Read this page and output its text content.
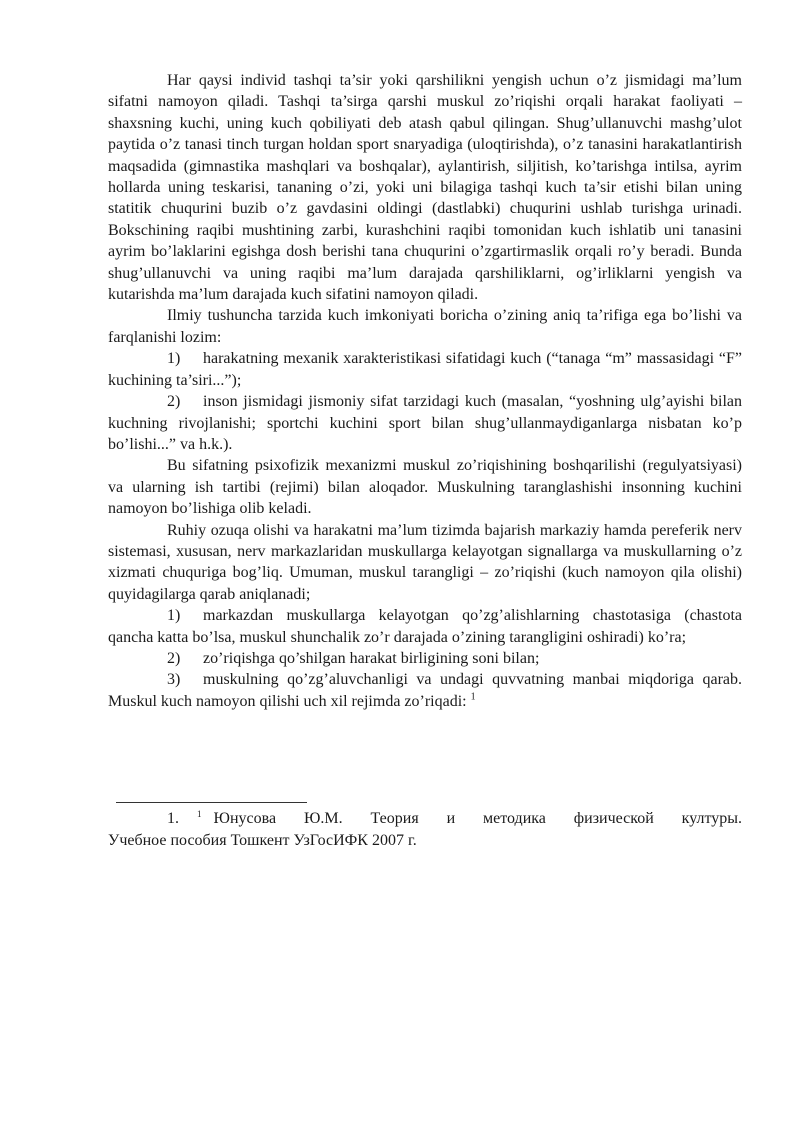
Har qaysi individ tashqi ta’sir yoki qarshilikni yengish uchun o’z jismidagi ma’lum sifatni namoyon qiladi. Tashqi ta’sirga qarshi muskul zo’riqishi orqali harakat faoliyati – shaxsning kuchi, uning kuch qobiliyati deb atash qabul qilingan. Shug’ullanuvchi mashg’ulot paytida o’z tanasi tinch turgan holdan sport snaryadiga (uloqtirishda), o’z tanasini harakatlantirish maqsadida (gimnastika mashqlari va boshqalar), aylantirish, siljitish, ko’tarishga intilsa, ayrim hollarda uning teskarisi, tananing o’zi, yoki uni bilagiga tashqi kuch ta’sir etishi bilan uning statitik chuqurini buzib o’z gavdasini oldingi (dastlabki) chuqurini ushlab turishga urinadi. Bokschining raqibi mushtining zarbi, kurashchini raqibi tomonidan kuch ishlatib uni tanasini ayrim bo’laklarini egishga dosh berishi tana chuqurini o’zgartirmaslik orqali ro’y beradi. Bunda shug’ullanuvchi va uning raqibi ma’lum darajada qarshiliklarni, og’irliklarni yengish va kutarishda ma’lum darajada kuch sifatini namoyon qiladi.

Ilmiy tushuncha tarzida kuch imkoniyati boricha o’zining aniq ta’rifiga ega bo’lishi va farqlanishi lozim:

1) harakatning mexanik xarakteristikasi sifatidagi kuch (“tanaga “m” massasidagi “F” kuchining ta’siri...”);

2) inson jismidagi jismoniy sifat tarzidagi kuch (masalan, “yoshning ulg’ayishi bilan kuchning rivojlanishi; sportchi kuchini sport bilan shug’ullanmaydiganlarga nisbatan ko’p bo’lishi...” va h.k.).

Bu sifatning psixofizik mexanizmi muskul zo’riqishining boshqarilishi (regulyatsiyasi) va ularning ish tartibi (rejimi) bilan aloqador. Muskulning taranglashishi insonning kuchini namoyon bo’lishiga olib keladi.

Ruhiy ozuqa olishi va harakatni ma’lum tizimda bajarish markaziy hamda pereferik nerv sistemasi, xususan, nerv markazlaridan muskullarga kelayotgan signallarga va muskullarning o’z xizmati chuquriga bog’liq. Umuman, muskul tarangligi – zo’riqishi (kuch namoyon qila olishi) quyidagilarga qarab aniqlanadi;

1) markazdan muskullarga kelayotgan qo’zg’alishlarning chastotasiga (chastota qancha katta bo’lsa, muskul shunchalik zo’r darajada o’zining tarangligini oshiradi) ko’ra;

2) zo’riqishga qo’shilgan harakat birligining soni bilan;

3) muskulning qo’zg’aluvchanligi va undagi quvvatning manbai miqdoriga qarab. Muskul kuch namoyon qilishi uch xil rejimda zo’riqadi: $^1$

1. $^1$ Юнусова Ю.М. Теория и методика физической културы.
Учебное пособия Тошкент УзГосИФК 2007 г.
